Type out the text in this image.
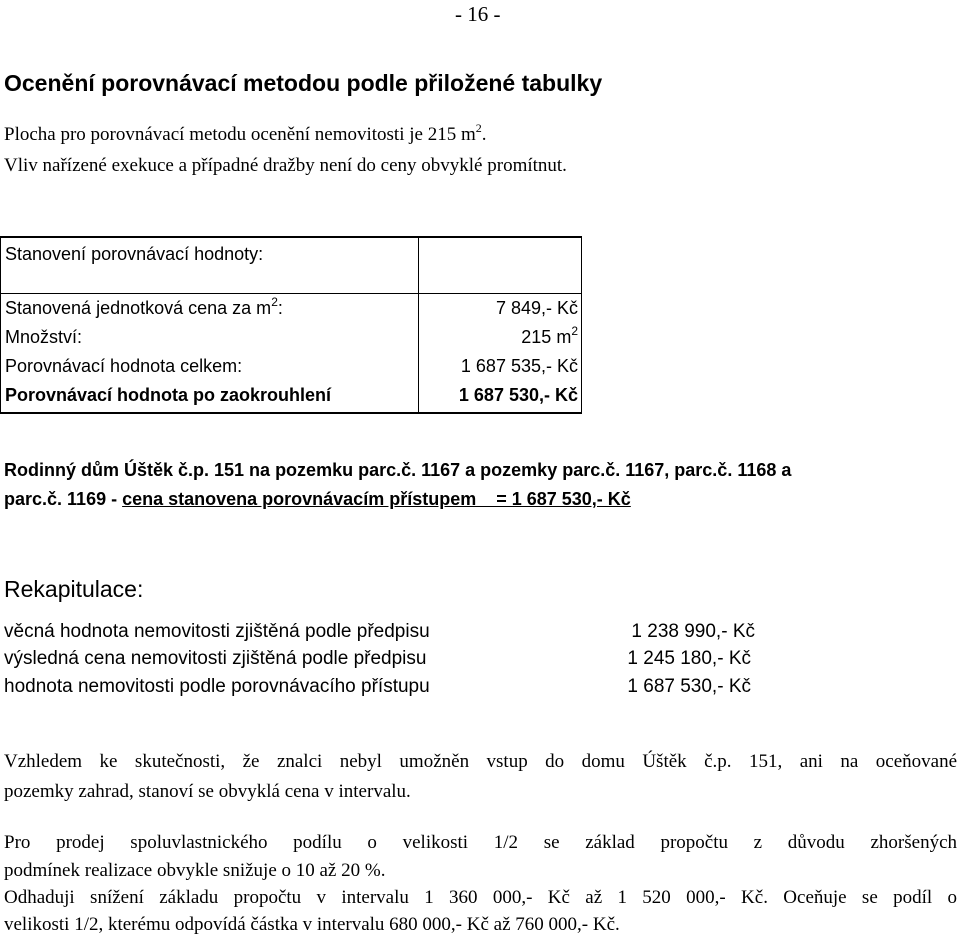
- 16 -
Ocenění porovnávací metodou podle přiložené tabulky
Plocha pro porovnávací metodu ocenění nemovitosti je 215 $m^2$.
Vliv nařízené exekuce a případné dražby není do ceny obvyklé promítnut.
Stanovení porovnávací hodnoty:
Stanovená jednotková cena za $m^2$:	7 849,- Kč
Množství:	215 $m^2$
Porovnávací hodnota celkem:	1 687 535,- Kč
Porovnávací hodnota po zaokrouhlení	1 687 530,- Kč
Rodinný dům Úštěk č.p. 151 na pozemku parc.č. 1167 a pozemky parc.č. 1167, parc.č. 1168 a
parc.č. 1169 - cena stanovena porovnávacím přístupem    = 1 687 530,- Kč
Rekapitulace:
věcná hodnota nemovitosti zjištěná podle předpisu	1 238 990,- Kč
výsledná cena nemovitosti zjištěná podle předpisu	1 245 180,- Kč
hodnota nemovitosti podle porovnávacího přístupu	1 687 530,- Kč
Vzhledem ke skutečnosti, že znalci nebyl umožněn vstup do domu Úštěk č.p. 151, ani na oceňované
pozemky zahrad, stanoví se obvyklá cena v intervalu.
Pro prodej spoluvlastnického podílu o velikosti 1/2 se základ propočtu z důvodu zhoršených
podmínek realizace obvykle snižuje o 10 až 20 %.
Odhaduji snížení základu propočtu v intervalu 1 360 000,- Kč až 1 520 000,- Kč. Oceňuje se podíl o
velikosti 1/2, kterému odpovídá částka v intervalu 680 000,- Kč až 760 000,- Kč.
